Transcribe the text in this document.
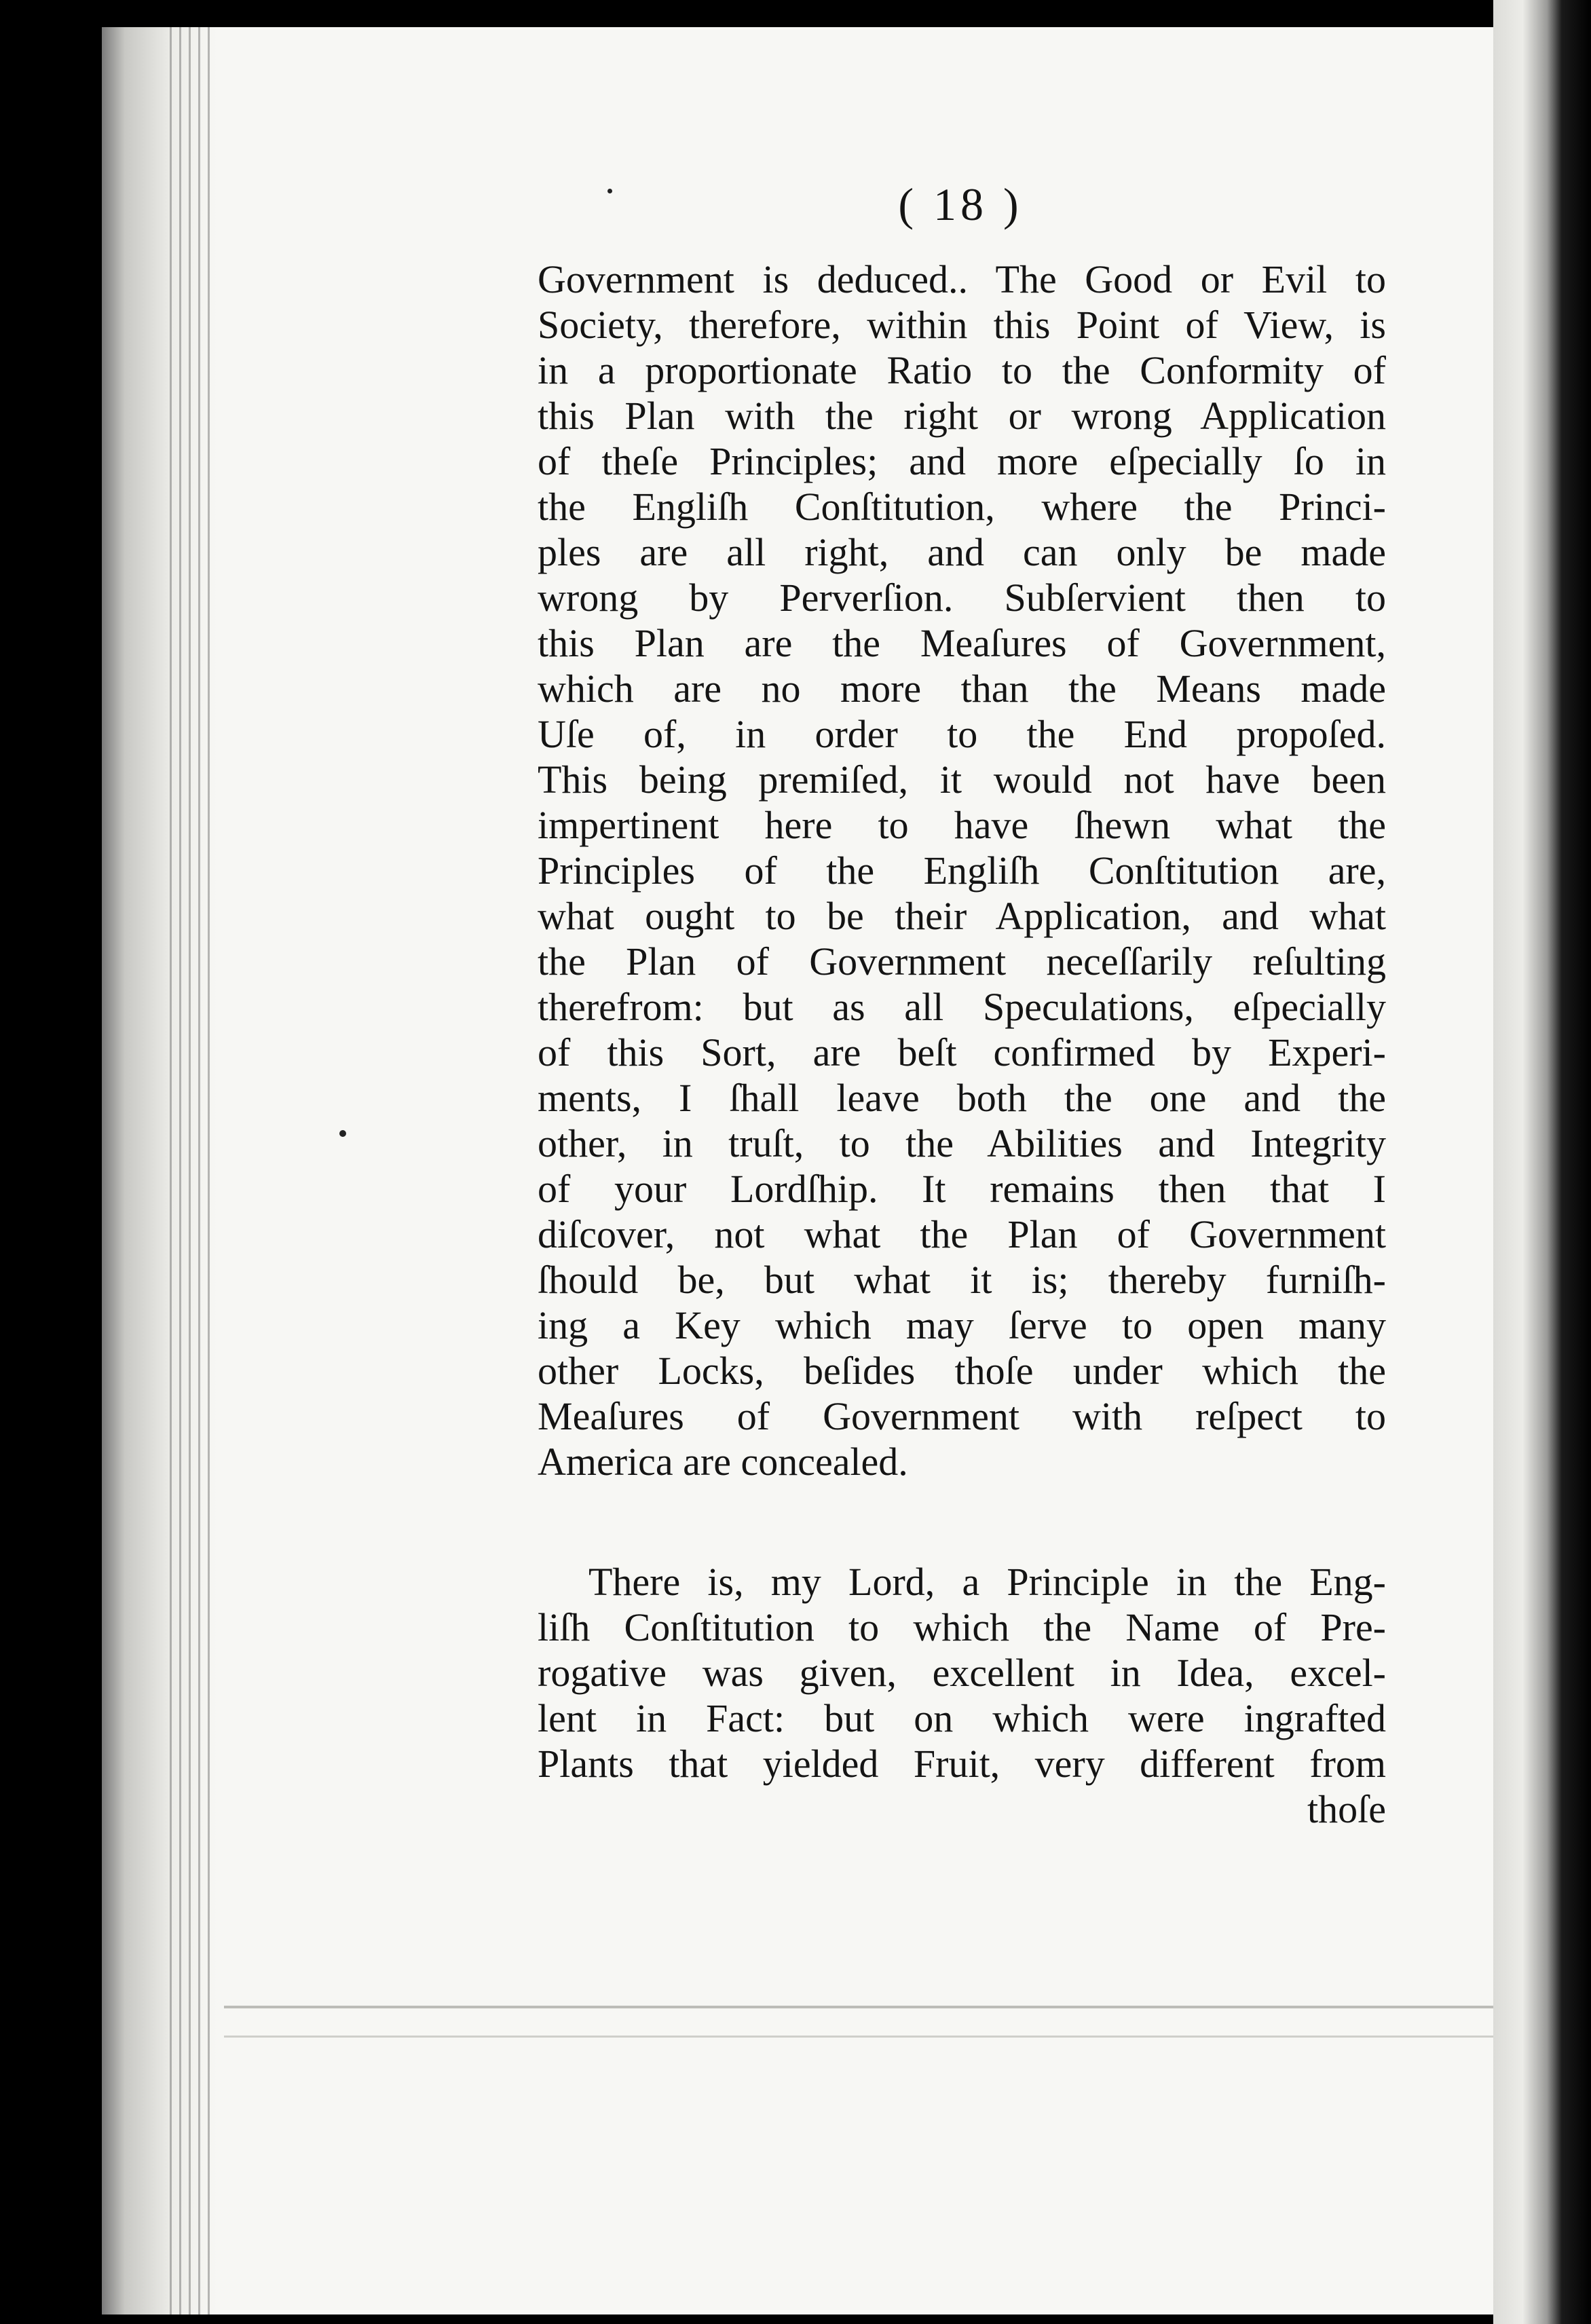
( 18 )
Government is deduced.. The Good or Evil to
Society, therefore, within this Point of View, is
in a proportionate Ratio to the Conformity of
this Plan with the right or wrong Application
of theſe Principles; and more eſpecially ſo in
the Engliſh Conſtitution, where the Princi-
ples are all right, and can only be made
wrong by Perverſion. Subſervient then to
this Plan are the Meaſures of Government,
which are no more than the Means made
Uſe of, in order to the End propoſed.
This being premiſed, it would not have been
impertinent here to have ſhewn what the
Principles of the Engliſh Conſtitution are,
what ought to be their Application, and what
the Plan of Government neceſſarily reſulting
therefrom: but as all Speculations, eſpecially
of this Sort, are beſt confirmed by Experi-
ments, I ſhall leave both the one and the
other, in truſt, to the Abilities and Integrity
of your Lordſhip. It remains then that I
diſcover, not what the Plan of Government
ſhould be, but what it is; thereby furniſh-
ing a Key which may ſerve to open many
other Locks, beſides thoſe under which the
Meaſures of Government with reſpect to
America are concealed.
There is, my Lord, a Principle in the Eng-
liſh Conſtitution to which the Name of Pre-
rogative was given, excellent in Idea, excel-
lent in Fact: but on which were ingrafted
Plants that yielded Fruit, very different from
thoſe
